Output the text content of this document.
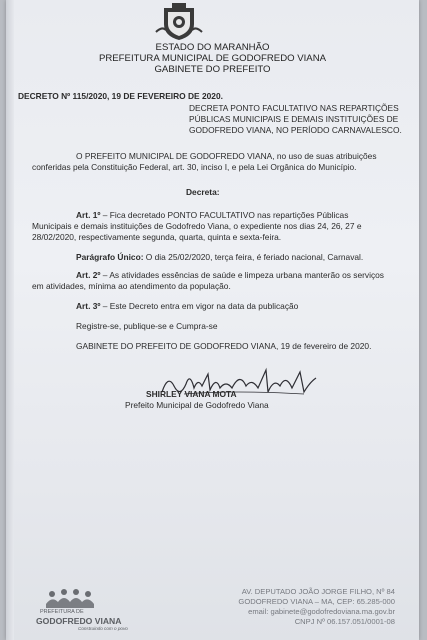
ESTADO DO MARANHÃO
PREFEITURA MUNICIPAL DE GODOFREDO VIANA
GABINETE DO PREFEITO
DECRETO Nº 115/2020, 19 DE FEVEREIRO DE 2020.
DECRETA PONTO FACULTATIVO NAS REPARTIÇÕES
PÚBLICAS MUNICIPAIS E DEMAIS INSTITUIÇÕES DE
GODOFREDO VIANA, NO PERÍODO CARNAVALESCO.
O PREFEITO MUNICIPAL DE GODOFREDO VIANA, no uso de suas atribuições
conferidas pela Constituição Federal, art. 30, inciso I, e pela Lei Orgânica do Município.
Decreta:
Art. 1º – Fica decretado PONTO FACULTATIVO nas repartições Públicas
Municipais e demais instituições de Godofredo Viana, o expediente nos dias 24, 26, 27 e
28/02/2020, respectivamente segunda, quarta, quinta e sexta-feira.
Parágrafo Único: O dia 25/02/2020, terça feira, é feriado nacional, Carnaval.
Art. 2º – As atividades essências de saúde e limpeza urbana manterão os serviços
em atividades, mínima ao atendimento da população.
Art. 3º – Este Decreto entra em vigor na data da publicação
Registre-se, publique-se e Cumpra-se
GABINETE DO PREFEITO DE GODOFREDO VIANA, 19 de fevereiro de 2020.
SHIRLEY VIANA MOTA
Prefeito Municipal de Godofredo Viana
AV. DEPUTADO JOÃO JORGE FILHO, Nº 84
GODOFREDO VIANA – MA, CEP: 65.285-000
email: gabinete@godofredoviana.ma.gov.br
CNPJ Nº 06.157.051/0001-08
PREFEITURA DE
GODOFREDO VIANA
Construindo com o povo
